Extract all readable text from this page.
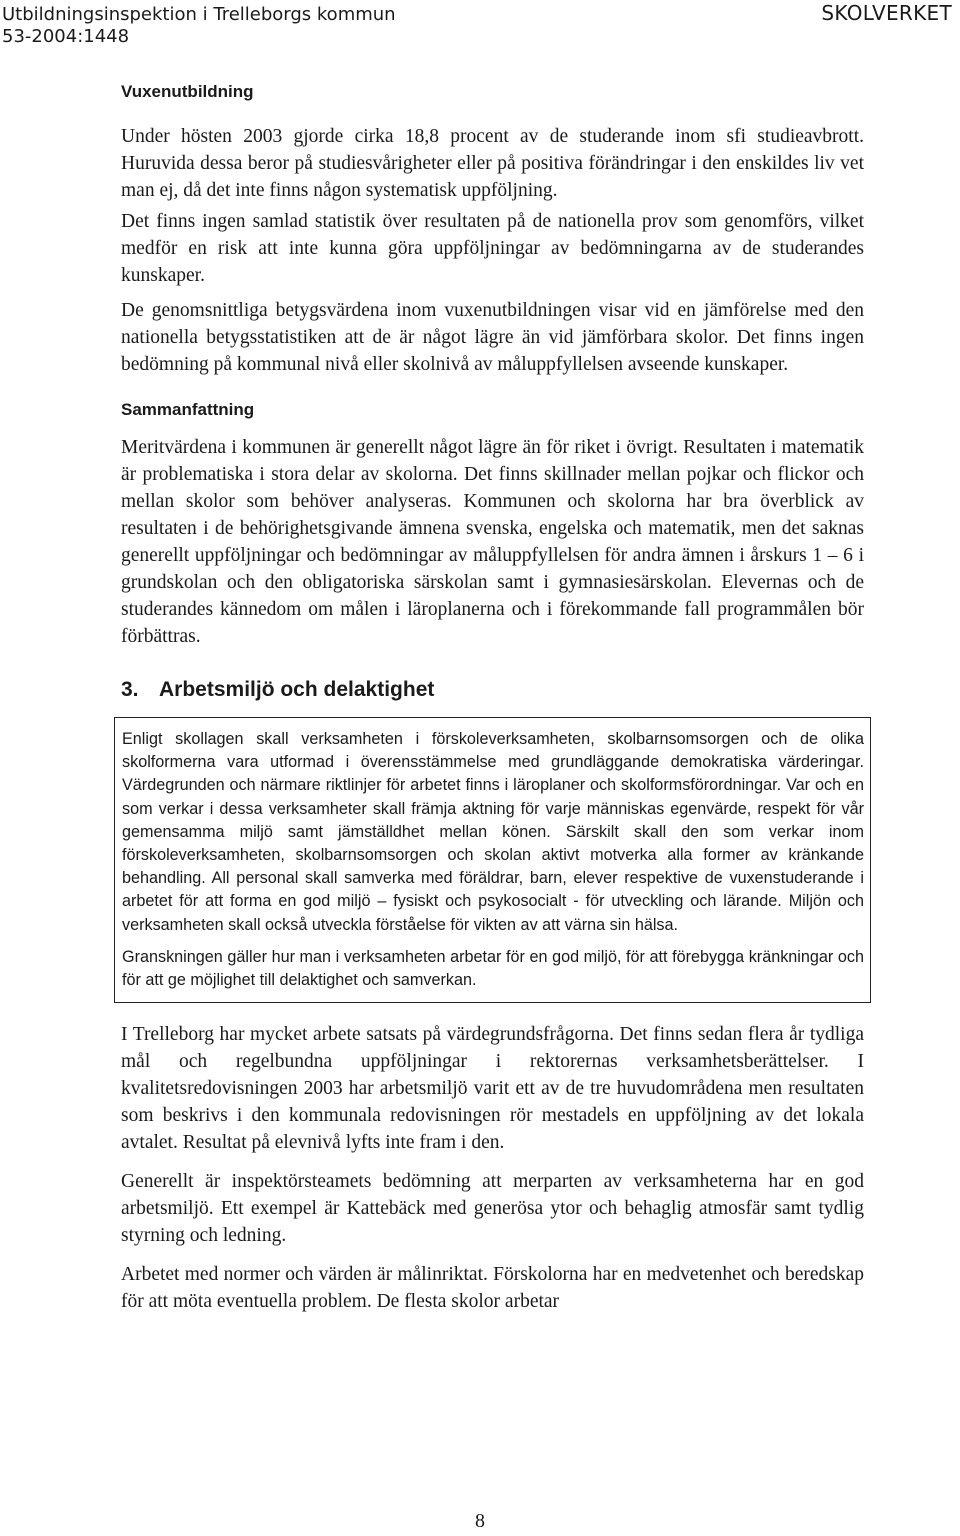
Utbildningsinspektion i Trelleborgs kommun
53-2004:1448
SKOLVERKET
Vuxenutbildning

Under hösten 2003 gjorde cirka 18,8 procent av de studerande inom sfi studieavbrott. Huruvida dessa beror på studiesvårigheter eller på positiva förändringar i den enskildes liv vet man ej, då det inte finns någon systematisk uppföljning.

Det finns ingen samlad statistik över resultaten på de nationella prov som genomförs, vilket medför en risk att inte kunna göra uppföljningar av bedömningarna av de studerandes kunskaper.

De genomsnittliga betygsvärdena inom vuxenutbildningen visar vid en jämförelse med den nationella betygsstatistiken att de är något lägre än vid jämförbara skolor. Det finns ingen bedömning på kommunal nivå eller skolnivå av måluppfyllelsen avseende kunskaper.

Sammanfattning

Meritvärdena i kommunen är generellt något lägre än för riket i övrigt. Resultaten i matematik är problematiska i stora delar av skolorna. Det finns skillnader mellan pojkar och flickor och mellan skolor som behöver analyseras. Kommunen och skolorna har bra överblick av resultaten i de behörighetsgivande ämnena svenska, engelska och matematik, men det saknas generellt uppföljningar och bedömningar av måluppfyllelsen för andra ämnen i årskurs 1 – 6 i grundskolan och den obligatoriska särskolan samt i gymnasiesärskolan. Elevernas och de studerandes kännedom om målen i läroplanerna och i förekommande fall programmålen bör förbättras.

3. Arbetsmiljö och delaktighet

Enligt skollagen skall verksamheten i förskoleverksamheten, skolbarnsomsorgen och de olika skolformerna vara utformad i överensstämmelse med grundläggande demokratiska värderingar. Värdegrunden och närmare riktlinjer för arbetet finns i läroplaner och skolformsförordningar. Var och en som verkar i dessa verksamheter skall främja aktning för varje människas egenvärde, respekt för vår gemensamma miljö samt jämställdhet mellan könen. Särskilt skall den som verkar inom förskoleverksamheten, skolbarnsomsorgen och skolan aktivt motverka alla former av kränkande behandling. All personal skall samverka med föräldrar, barn, elever respektive de vuxenstuderande i arbetet för att forma en god miljö – fysiskt och psykosocialt - för utveckling och lärande. Miljön och verksamheten skall också utveckla förståelse för vikten av att värna sin hälsa.

Granskningen gäller hur man i verksamheten arbetar för en god miljö, för att förebygga kränkningar och för att ge möjlighet till delaktighet och samverkan.

I Trelleborg har mycket arbete satsats på värdegrundsfrågorna. Det finns sedan flera år tydliga mål och regelbundna uppföljningar i rektorernas verksamhetsberättelser. I kvalitetsredovisningen 2003 har arbetsmiljö varit ett av de tre huvudområdena men resultaten som beskrivs i den kommunala redovisningen rör mestadels en uppföljning av det lokala avtalet. Resultat på elevnivå lyfts inte fram i den.

Generellt är inspektörsteamets bedömning att merparten av verksamheterna har en god arbetsmiljö. Ett exempel är Kattebäck med generösa ytor och behaglig atmosfär samt tydlig styrning och ledning.

Arbetet med normer och värden är målinriktat. Förskolorna har en medvetenhet och beredskap för att möta eventuella problem. De flesta skolor arbetar

8
